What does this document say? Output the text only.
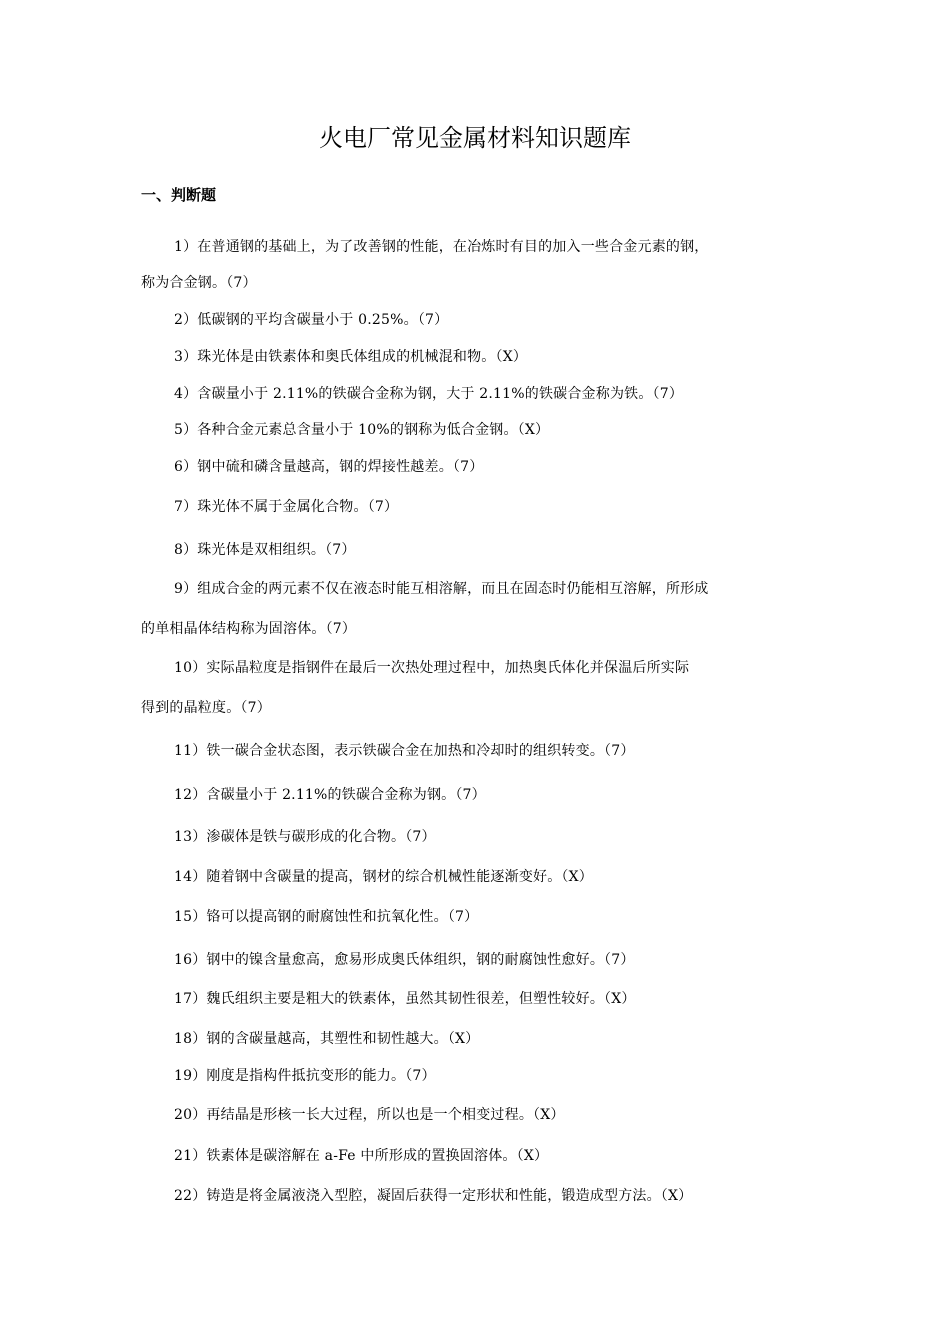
火电厂常见金属材料知识题库
一、判断题
1）在普通钢的基础上，为了改善钢的性能，在冶炼时有目的加入一些合金元素的钢，
称为合金钢。（7）
2）低碳钢的平均含碳量小于 0.25%。（7）
3）珠光体是由铁素体和奥氏体组成的机械混和物。（X）
4）含碳量小于 2.11%的铁碳合金称为钢，大于 2.11%的铁碳合金称为铁。（7）
5）各种合金元素总含量小于 10%的钢称为低合金钢。（X）
6）钢中硫和磷含量越高，钢的焊接性越差。（7）
7）珠光体不属于金属化合物。（7）
8）珠光体是双相组织。（7）
9）组成合金的两元素不仅在液态时能互相溶解，而且在固态时仍能相互溶解，所形成
的单相晶体结构称为固溶体。（7）
10）实际晶粒度是指钢件在最后一次热处理过程中，加热奥氏体化并保温后所实际
得到的晶粒度。（7）
11）铁一碳合金状态图，表示铁碳合金在加热和冷却时的组织转变。（7）
12）含碳量小于 2.11%的铁碳合金称为钢。（7）
13）渗碳体是铁与碳形成的化合物。（7）
14）随着钢中含碳量的提高，钢材的综合机械性能逐渐变好。（X）
15）铬可以提高钢的耐腐蚀性和抗氧化性。（7）
16）钢中的镍含量愈高，愈易形成奥氏体组织，钢的耐腐蚀性愈好。（7）
17）魏氏组织主要是粗大的铁素体，虽然其韧性很差，但塑性较好。（X）
18）钢的含碳量越高，其塑性和韧性越大。（X）
19）刚度是指构件抵抗变形的能力。（7）
20）再结晶是形核一长大过程，所以也是一个相变过程。（X）
21）铁素体是碳溶解在 a-Fe 中所形成的置换固溶体。（X）
22）铸造是将金属液浇入型腔，凝固后获得一定形状和性能，锻造成型方法。（X）
